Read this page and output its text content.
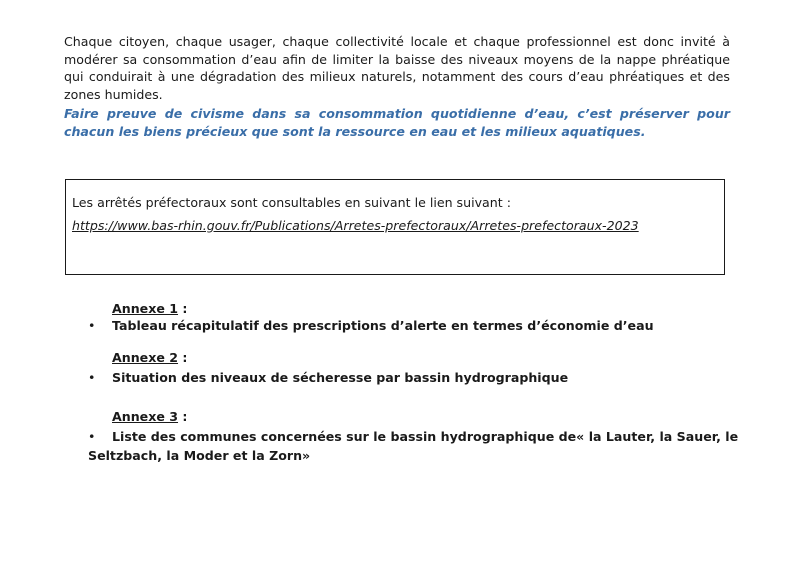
Chaque citoyen, chaque usager, chaque collectivité locale et chaque professionnel est donc invité à modérer sa consommation d’eau afin de limiter la baisse des niveaux moyens de la nappe phréatique qui conduirait à une dégradation des milieux naturels, notamment des cours d’eau phréatiques et des zones humides.

Faire preuve de civisme dans sa consommation quotidienne d’eau, c’est préserver pour chacun les biens précieux que sont la ressource en eau et les milieux aquatiques.

Les arrêtés préfectoraux sont consultables en suivant le lien suivant :

https://www.bas-rhin.gouv.fr/Publications/Arretes-prefectoraux/Arretes-prefectoraux-2023

Annexe 1 :

• Tableau récapitulatif des prescriptions d’alerte en termes d’économie d’eau

Annexe 2 :

• Situation des niveaux de sécheresse par bassin hydrographique

Annexe 3 :

• Liste des communes concernées sur le bassin hydrographique de« la Lauter, la Sauer, le
Seltzbach, la Moder et la Zorn»
